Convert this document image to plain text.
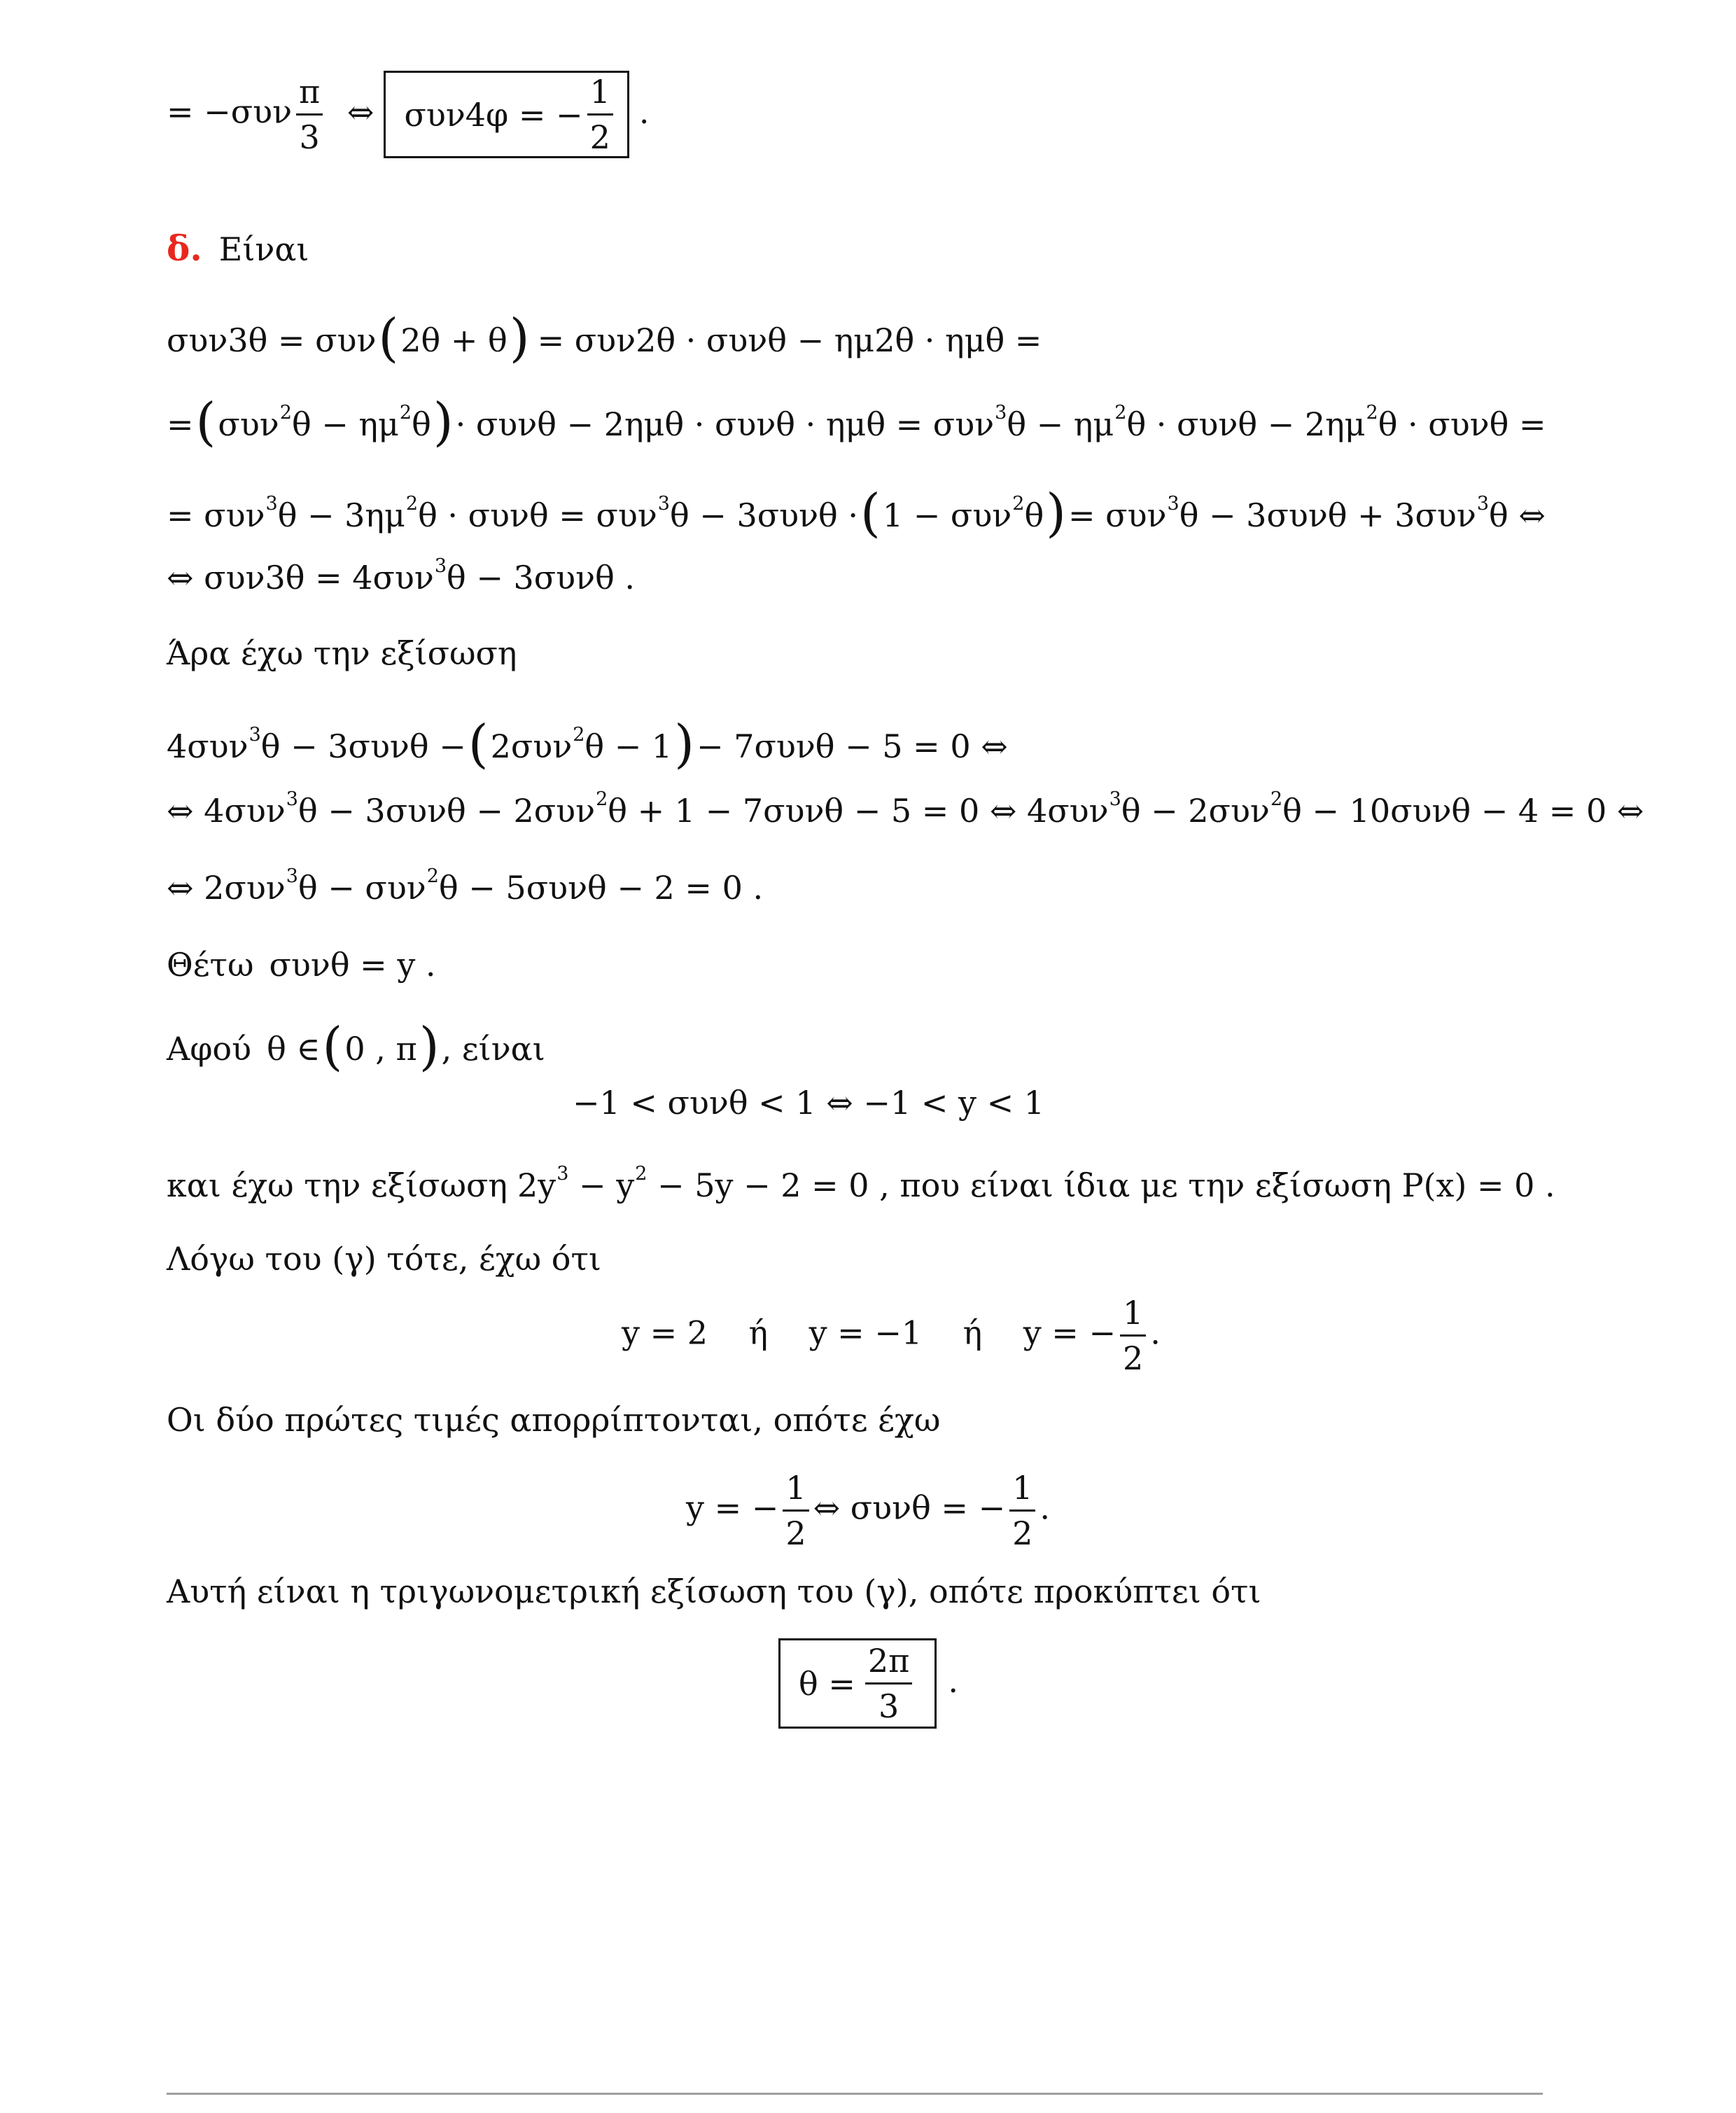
= $-\sigma\upsilon\nu \frac{\pi}{3}$ ⇔ συν4φ = − $\frac{1}{2}$ .
δ. Είναι
συν3θ = συν(2θ + θ) = συν2θ · συνθ − ημ2θ · ημθ =
$=(\sigma\upsilon\nu^2\theta - \eta\mu^2\theta)\cdot \sigma\upsilon\nu\theta - 2\eta\mu\theta \cdot \sigma\upsilon\nu\theta \cdot \eta\mu\theta = \sigma\upsilon\nu^3\theta - \eta\mu^2\theta \cdot \sigma\upsilon\nu\theta - 2\eta\mu^2\theta \cdot \sigma\upsilon\nu\theta$ =
= $\sigma\upsilon\nu^3\theta - 3\eta\mu^2\theta \cdot \sigma\upsilon\nu\theta = \sigma\upsilon\nu^3\theta - 3\sigma\upsilon\nu\theta \cdot(1 - \sigma\upsilon\nu^2\theta)= \sigma\upsilon\nu^3\theta - 3\sigma\upsilon\nu\theta + 3\sigma\upsilon\nu^3\theta$ ⇔
⇔ συν3θ = 4συν$^3$θ − 3συνθ .
Άρα έχω την εξίσωση
4συν$^3$θ − 3συνθ −(2συν$^2$θ − 1)− 7συνθ − 5 = 0 ⇔
⇔ 4συν$^3$θ − 3συνθ − 2συν$^2$θ + 1 − 7συνθ − 5 = 0 ⇔ 4συν$^3$θ − 2συν$^2$θ − 10συνθ − 4 = 0 ⇔
⇔ 2συν$^3$θ − συν$^2$θ − 5συνθ − 2 = 0 .
Θέτω συνθ = y .
Αφού θ ∈(0 , π), είναι
−1 < συνθ < 1 ⇔ −1 < y < 1
και έχω την εξίσωση $2y^3 - y^2 - 5y - 2 = 0$ , που είναι ίδια με την εξίσωση P(x) = 0 .
Λόγω του (γ) τότε, έχω ότι
y = 2    ή    y = −1    ή    y = − $\frac{1}{2}$ .
Οι δύο πρώτες τιμές απορρίπτονται, οπότε έχω
y = − $\frac{1}{2}$ ⇔ συνθ = − $\frac{1}{2}$ .
Αυτή είναι η τριγωνομετρική εξίσωση του (γ), οπότε προκύπτει ότι
$\theta = \frac{2\pi}{3}$ .
